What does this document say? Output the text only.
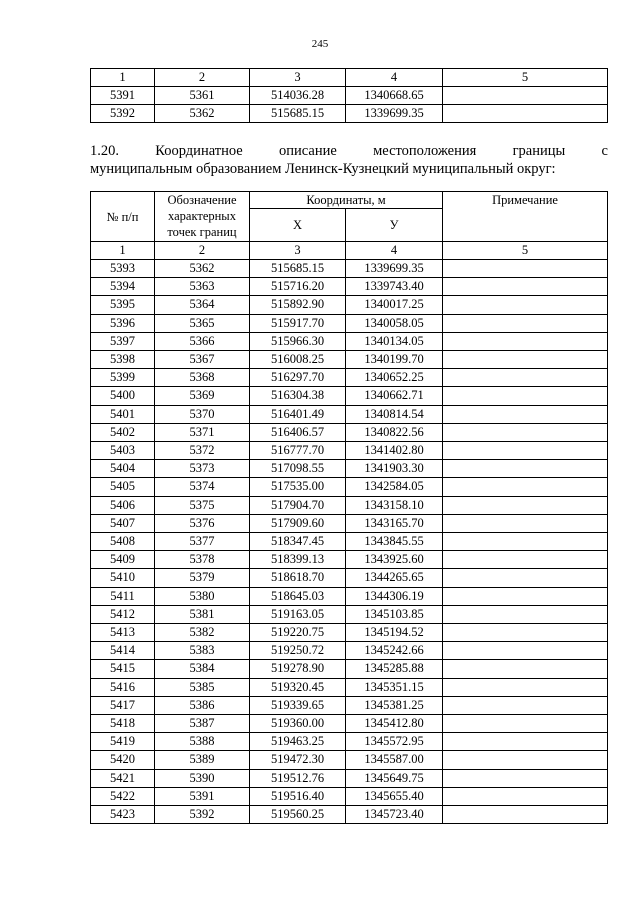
245
1	2	3	4	5
5391	5361	514036.28	1340668.65	
5392	5362	515685.15	1339699.35	
1.20. Координатное описание местоположения границы с
муниципальным образованием Ленинск-Кузнецкий муниципальный округ:
№ п/п	Обозначение характерных точек границ	Координаты, м		Примечание
		Х	У	
1	2	3	4	5
5393	5362	515685.15	1339699.35	
5394	5363	515716.20	1339743.40	
5395	5364	515892.90	1340017.25	
5396	5365	515917.70	1340058.05	
5397	5366	515966.30	1340134.05	
5398	5367	516008.25	1340199.70	
5399	5368	516297.70	1340652.25	
5400	5369	516304.38	1340662.71	
5401	5370	516401.49	1340814.54	
5402	5371	516406.57	1340822.56	
5403	5372	516777.70	1341402.80	
5404	5373	517098.55	1341903.30	
5405	5374	517535.00	1342584.05	
5406	5375	517904.70	1343158.10	
5407	5376	517909.60	1343165.70	
5408	5377	518347.45	1343845.55	
5409	5378	518399.13	1343925.60	
5410	5379	518618.70	1344265.65	
5411	5380	518645.03	1344306.19	
5412	5381	519163.05	1345103.85	
5413	5382	519220.75	1345194.52	
5414	5383	519250.72	1345242.66	
5415	5384	519278.90	1345285.88	
5416	5385	519320.45	1345351.15	
5417	5386	519339.65	1345381.25	
5418	5387	519360.00	1345412.80	
5419	5388	519463.25	1345572.95	
5420	5389	519472.30	1345587.00	
5421	5390	519512.76	1345649.75	
5422	5391	519516.40	1345655.40	
5423	5392	519560.25	1345723.40	
